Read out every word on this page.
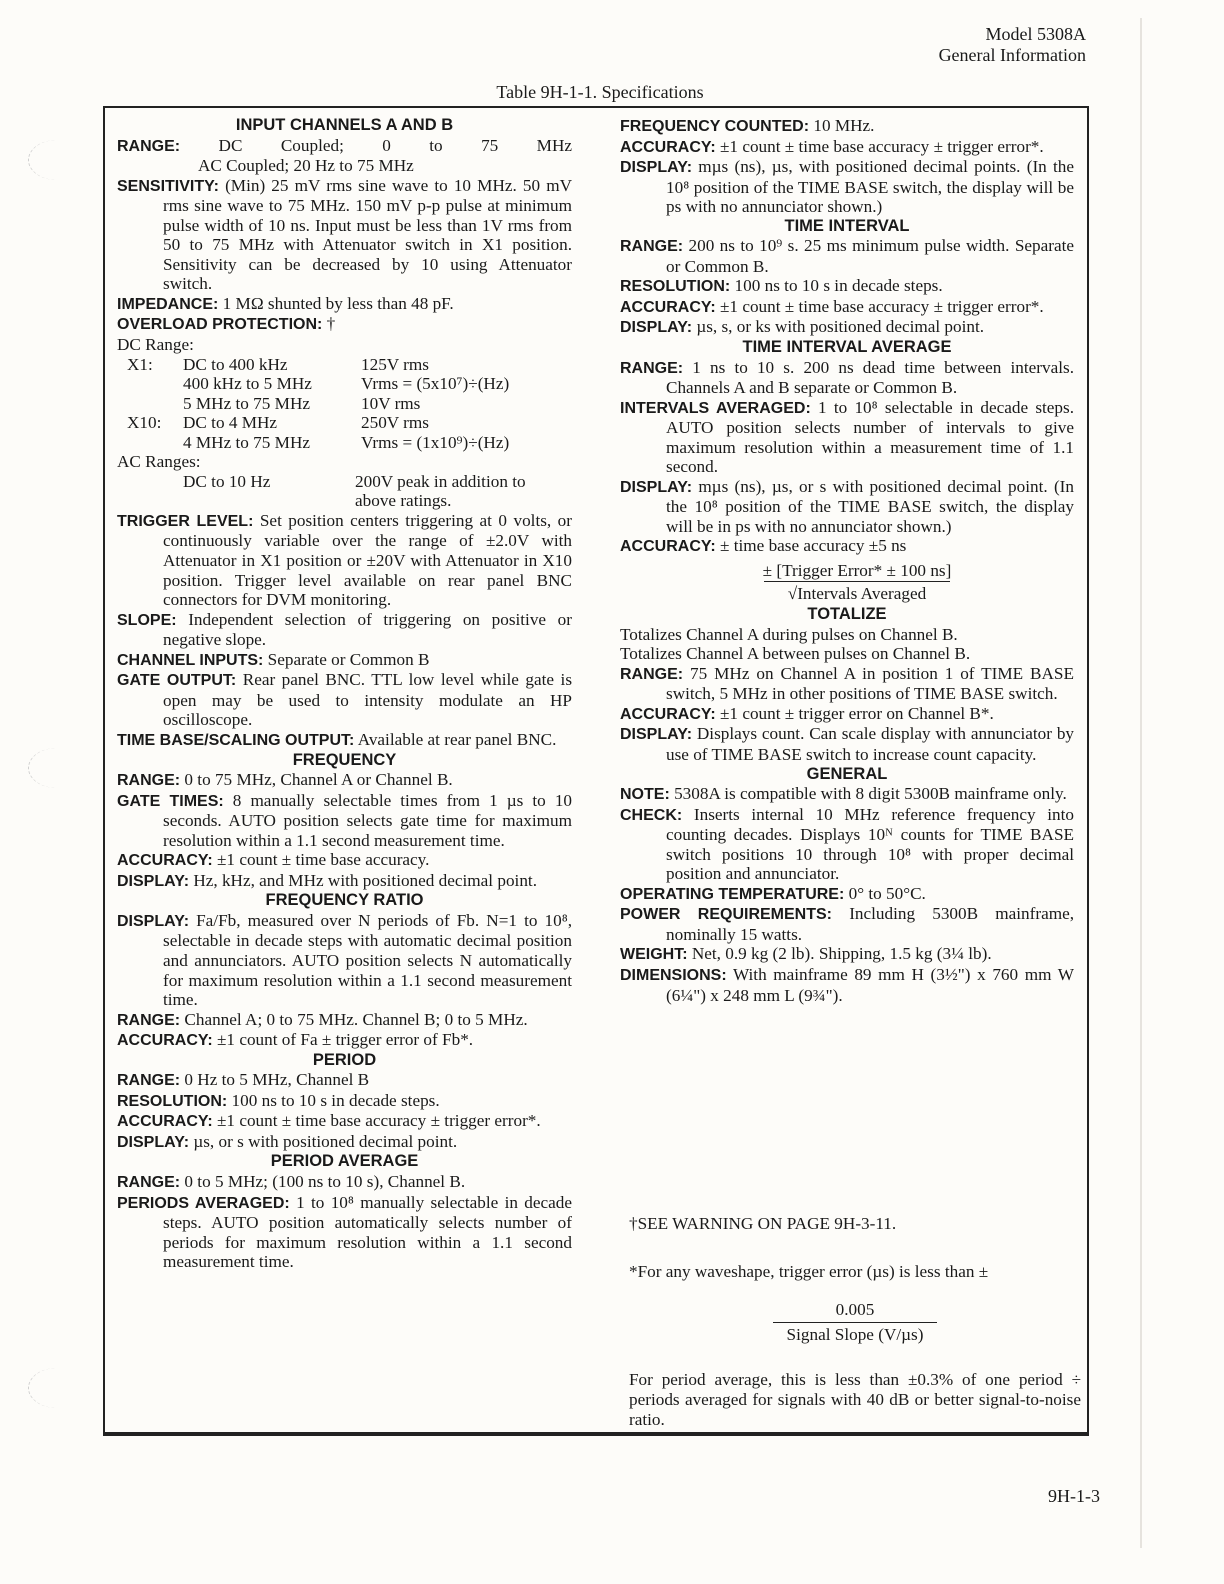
Model 5308A
General Information
Table 9H-1-1. Specifications
INPUT CHANNELS A AND B
RANGE: DC Coupled; 0 to 75 MHz
AC Coupled; 20 Hz to 75 MHz
SENSITIVITY: (Min) 25 mV rms sine wave to 10 MHz. 50 mV rms sine wave to 75 MHz. 150 mV p-p pulse at minimum pulse width of 10 ns. Input must be less than 1V rms from 50 to 75 MHz with Attenuator switch in X1 position. Sensitivity can be decreased by 10 using Attenuator switch.
IMPEDANCE: 1 MΩ shunted by less than 48 pF.
OVERLOAD PROTECTION: †
DC Range:
X1:	DC to 400 kHz	125V rms
400 kHz to 5 MHz	Vrms = (5x10⁷)÷(Hz)
5 MHz to 75 MHz	10V rms
X10:	DC to 4 MHz	250V rms
4 MHz to 75 MHz	Vrms = (1x10⁹)÷(Hz)
AC Ranges:
DC to 10 Hz	200V peak in addition to
above ratings.
TRIGGER LEVEL: Set position centers triggering at 0 volts, or continuously variable over the range of ±2.0V with Attenuator in X1 position or ±20V with Attenuator in X10 position. Trigger level available on rear panel BNC connectors for DVM monitoring.
SLOPE: Independent selection of triggering on positive or negative slope.
CHANNEL INPUTS: Separate or Common B
GATE OUTPUT: Rear panel BNC. TTL low level while gate is open may be used to intensity modulate an HP oscilloscope.
TIME BASE/SCALING OUTPUT: Available at rear panel BNC.
FREQUENCY
RANGE: 0 to 75 MHz, Channel A or Channel B.
GATE TIMES: 8 manually selectable times from 1 µs to 10 seconds. AUTO position selects gate time for maximum resolution within a 1.1 second measurement time.
ACCURACY: ±1 count ± time base accuracy.
DISPLAY: Hz, kHz, and MHz with positioned decimal point.
FREQUENCY RATIO
DISPLAY: Fa/Fb, measured over N periods of Fb. N=1 to 10⁸, selectable in decade steps with automatic decimal position and annunciators. AUTO position selects N automatically for maximum resolution within a 1.1 second measurement time.
RANGE: Channel A; 0 to 75 MHz. Channel B; 0 to 5 MHz.
ACCURACY: ±1 count of Fa ± trigger error of Fb*.
PERIOD
RANGE: 0 Hz to 5 MHz, Channel B
RESOLUTION: 100 ns to 10 s in decade steps.
ACCURACY: ±1 count ± time base accuracy ± trigger error*.
DISPLAY: µs, or s with positioned decimal point.
PERIOD AVERAGE
RANGE: 0 to 5 MHz; (100 ns to 10 s), Channel B.
PERIODS AVERAGED: 1 to 10⁸ manually selectable in decade steps. AUTO position automatically selects number of periods for maximum resolution within a 1.1 second measurement time.
FREQUENCY COUNTED: 10 MHz.
ACCURACY: ±1 count ± time base accuracy ± trigger error*.
DISPLAY: mµs (ns), µs, with positioned decimal points. (In the 10⁸ position of the TIME BASE switch, the display will be ps with no annunciator shown.)
TIME INTERVAL
RANGE: 200 ns to 10⁹ s. 25 ms minimum pulse width. Separate or Common B.
RESOLUTION: 100 ns to 10 s in decade steps.
ACCURACY: ±1 count ± time base accuracy ± trigger error*.
DISPLAY: µs, s, or ks with positioned decimal point.
TIME INTERVAL AVERAGE
RANGE: 1 ns to 10 s. 200 ns dead time between intervals. Channels A and B separate or Common B.
INTERVALS AVERAGED: 1 to 10⁸ selectable in decade steps. AUTO position selects number of intervals to give maximum resolution within a measurement time of 1.1 second.
DISPLAY: mµs (ns), µs, or s with positioned decimal point. (In the 10⁸ position of the TIME BASE switch, the display will be in ps with no annunciator shown.)
ACCURACY: ± time base accuracy ±5 ns
± [Trigger Error* ± 100 ns]
√Intervals Averaged
TOTALIZE
Totalizes Channel A during pulses on Channel B.
Totalizes Channel A between pulses on Channel B.
RANGE: 75 MHz on Channel A in position 1 of TIME BASE switch, 5 MHz in other positions of TIME BASE switch.
ACCURACY: ±1 count ± trigger error on Channel B*.
DISPLAY: Displays count. Can scale display with annunciator by use of TIME BASE switch to increase count capacity.
GENERAL
NOTE: 5308A is compatible with 8 digit 5300B mainframe only.
CHECK: Inserts internal 10 MHz reference frequency into counting decades. Displays 10ᴺ counts for TIME BASE switch positions 10 through 10⁸ with proper decimal position and annunciator.
OPERATING TEMPERATURE: 0° to 50°C.
POWER REQUIREMENTS: Including 5300B mainframe, nominally 15 watts.
WEIGHT: Net, 0.9 kg (2 lb). Shipping, 1.5 kg (3¼ lb).
DIMENSIONS: With mainframe 89 mm H (3½") x 760 mm W (6¼") x 248 mm L (9¾").
†SEE WARNING ON PAGE 9H-3-11.
*For any waveshape, trigger error (µs) is less than ±
0.005
Signal Slope (V/µs)
For period average, this is less than ±0.3% of one period ÷ periods averaged for signals with 40 dB or better signal-to-noise ratio.
9H-1-3
